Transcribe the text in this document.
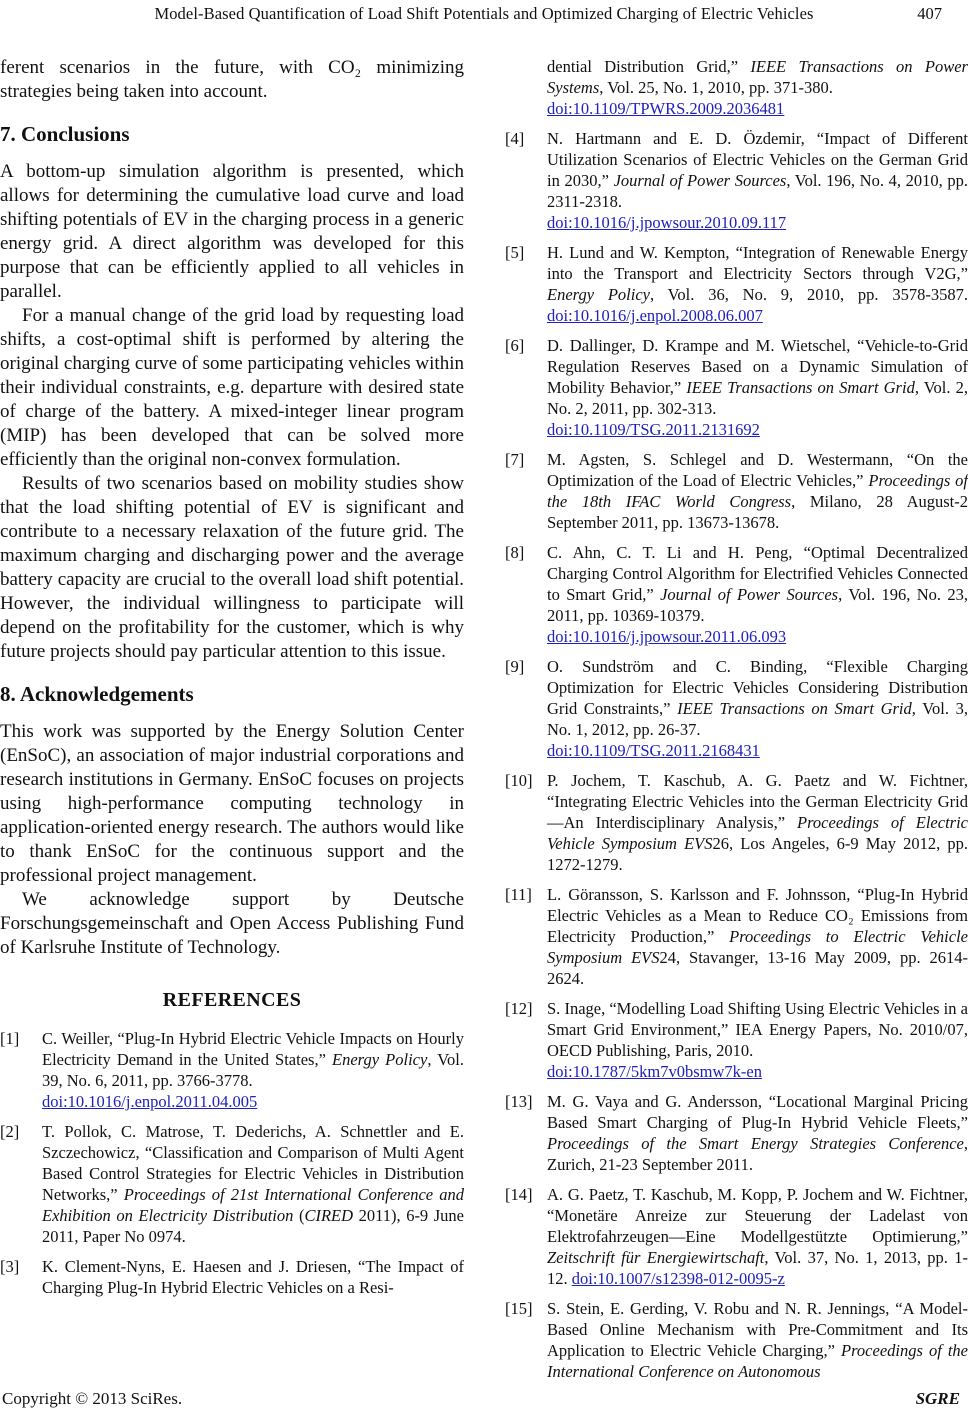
Model-Based Quantification of Load Shift Potentials and Optimized Charging of Electric Vehicles	407

ferent scenarios in the future, with CO₂ minimizing strategies being taken into account.

7. Conclusions

A bottom-up simulation algorithm is presented, which allows for determining the cumulative load curve and load shifting potentials of EV in the charging process in a generic energy grid. A direct algorithm was developed for this purpose that can be efficiently applied to all vehicles in parallel.

For a manual change of the grid load by requesting load shifts, a cost-optimal shift is performed by altering the original charging curve of some participating vehicles within their individual constraints, e.g. departure with desired state of charge of the battery. A mixed-integer linear program (MIP) has been developed that can be solved more efficiently than the original non-convex formulation.

Results of two scenarios based on mobility studies show that the load shifting potential of EV is significant and contribute to a necessary relaxation of the future grid. The maximum charging and discharging power and the average battery capacity are crucial to the overall load shift potential. However, the individual willingness to participate will depend on the profitability for the customer, which is why future projects should pay particular attention to this issue.

8. Acknowledgements

This work was supported by the Energy Solution Center (EnSoC), an association of major industrial corporations and research institutions in Germany. EnSoC focuses on projects using high-performance computing technology in application-oriented energy research. The authors would like to thank EnSoC for the continuous support and the professional project management.

We acknowledge support by Deutsche Forschungsgemeinschaft and Open Access Publishing Fund of Karlsruhe Institute of Technology.

REFERENCES
[1]	C. Weiller, “Plug-In Hybrid Electric Vehicle Impacts on Hourly Electricity Demand in the United States,” Energy Policy, Vol. 39, No. 6, 2011, pp. 3766-3778.
doi:10.1016/j.enpol.2011.04.005
[2]	T. Pollok, C. Matrose, T. Dederichs, A. Schnettler and E. Szczechowicz, “Classification and Comparison of Multi Agent Based Control Strategies for Electric Vehicles in Distribution Networks,” Proceedings of 21st International Conference and Exhibition on Electricity Distribution (CIRED 2011), 6-9 June 2011, Paper No 0974.
[3]	K. Clement-Nyns, E. Haesen and J. Driesen, “The Impact of Charging Plug-In Hybrid Electric Vehicles on a Resi-
dential Distribution Grid,” IEEE Transactions on Power Systems, Vol. 25, No. 1, 2010, pp. 371-380.
doi:10.1109/TPWRS.2009.2036481
[4]	N. Hartmann and E. D. Özdemir, “Impact of Different Utilization Scenarios of Electric Vehicles on the German Grid in 2030,” Journal of Power Sources, Vol. 196, No. 4, 2010, pp. 2311-2318.
doi:10.1016/j.jpowsour.2010.09.117
[5]	H. Lund and W. Kempton, “Integration of Renewable Energy into the Transport and Electricity Sectors through V2G,” Energy Policy, Vol. 36, No. 9, 2010, pp. 3578-3587. doi:10.1016/j.enpol.2008.06.007
[6]	D. Dallinger, D. Krampe and M. Wietschel, “Vehicle-to-Grid Regulation Reserves Based on a Dynamic Simulation of Mobility Behavior,” IEEE Transactions on Smart Grid, Vol. 2, No. 2, 2011, pp. 302-313.
doi:10.1109/TSG.2011.2131692
[7]	M. Agsten, S. Schlegel and D. Westermann, “On the Optimization of the Load of Electric Vehicles,” Proceedings of the 18th IFAC World Congress, Milano, 28 August-2 September 2011, pp. 13673-13678.
[8]	C. Ahn, C. T. Li and H. Peng, “Optimal Decentralized Charging Control Algorithm for Electrified Vehicles Connected to Smart Grid,” Journal of Power Sources, Vol. 196, No. 23, 2011, pp. 10369-10379.
doi:10.1016/j.jpowsour.2011.06.093
[9]	O. Sundström and C. Binding, “Flexible Charging Optimization for Electric Vehicles Considering Distribution Grid Constraints,” IEEE Transactions on Smart Grid, Vol. 3, No. 1, 2012, pp. 26-37.
doi:10.1109/TSG.2011.2168431
[10] P. Jochem, T. Kaschub, A. G. Paetz and W. Fichtner, “Integrating Electric Vehicles into the German Electricity Grid—An Interdisciplinary Analysis,” Proceedings of Electric Vehicle Symposium EVS26, Los Angeles, 6-9 May 2012, pp. 1272-1279.
[11] L. Göransson, S. Karlsson and F. Johnsson, “Plug-In Hybrid Electric Vehicles as a Mean to Reduce CO₂ Emissions from Electricity Production,” Proceedings to Electric Vehicle Symposium EVS24, Stavanger, 13-16 May 2009, pp. 2614-2624.
[12] S. Inage, “Modelling Load Shifting Using Electric Vehicles in a Smart Grid Environment,” IEA Energy Papers, No. 2010/07, OECD Publishing, Paris, 2010.
doi:10.1787/5km7v0bsmw7k-en
[13] M. G. Vaya and G. Andersson, “Locational Marginal Pricing Based Smart Charging of Plug-In Hybrid Vehicle Fleets,” Proceedings of the Smart Energy Strategies Conference, Zurich, 21-23 September 2011.
[14] A. G. Paetz, T. Kaschub, M. Kopp, P. Jochem and W. Fichtner, “Monetäre Anreize zur Steuerung der Ladelast von Elektrofahrzeugen—Eine Modellgestützte Optimierung,” Zeitschrift für Energiewirtschaft, Vol. 37, No. 1, 2013, pp. 1-12. doi:10.1007/s12398-012-0095-z
[15] S. Stein, E. Gerding, V. Robu and N. R. Jennings, “A Model-Based Online Mechanism with Pre-Commitment and Its Application to Electric Vehicle Charging,” Proceedings of the International Conference on Autonomous
Copyright © 2013 SciRes.	SGRE
